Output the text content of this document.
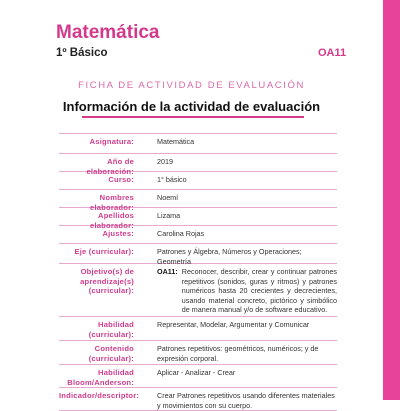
Matemática
1º Básico	OA11
FICHA DE ACTIVIDAD DE EVALUACIÓN
Información de la actividad de evaluación
Asignatura:	Matemática
Año de elaboración:
2019
Curso:	1° básico
Nombres elaborador:
Noemí
Apellidos elaborador:
Lizama
Ajustes:	Carolina Rojas
Eje (curricular):	Patrones y Álgebra, Números y Operaciones; Geometría
Objetivo(s) de aprendizaje(s) (curricular):
OA11: Reconocer, describir, crear y continuar patrones repetitivos (sonidos, guras y ritmos) y patrones numéricos hasta 20 crecientes y decrecientes, usando material concreto, pictórico y simbólico de manera manual y/o de software educativo.
Habilidad (curricular):
Representar, Modelar, Argumentar y Comunicar
Contenido (curricular):
Patrones repetitivos: geométricos, numéricos; y de expresión corporal.
Habilidad Bloom/Anderson:
Aplicar - Analizar - Crear
Indicador/descriptor:	Crear Patrones repetitivos usando diferentes materiales y movimientos con su cuerpo.
